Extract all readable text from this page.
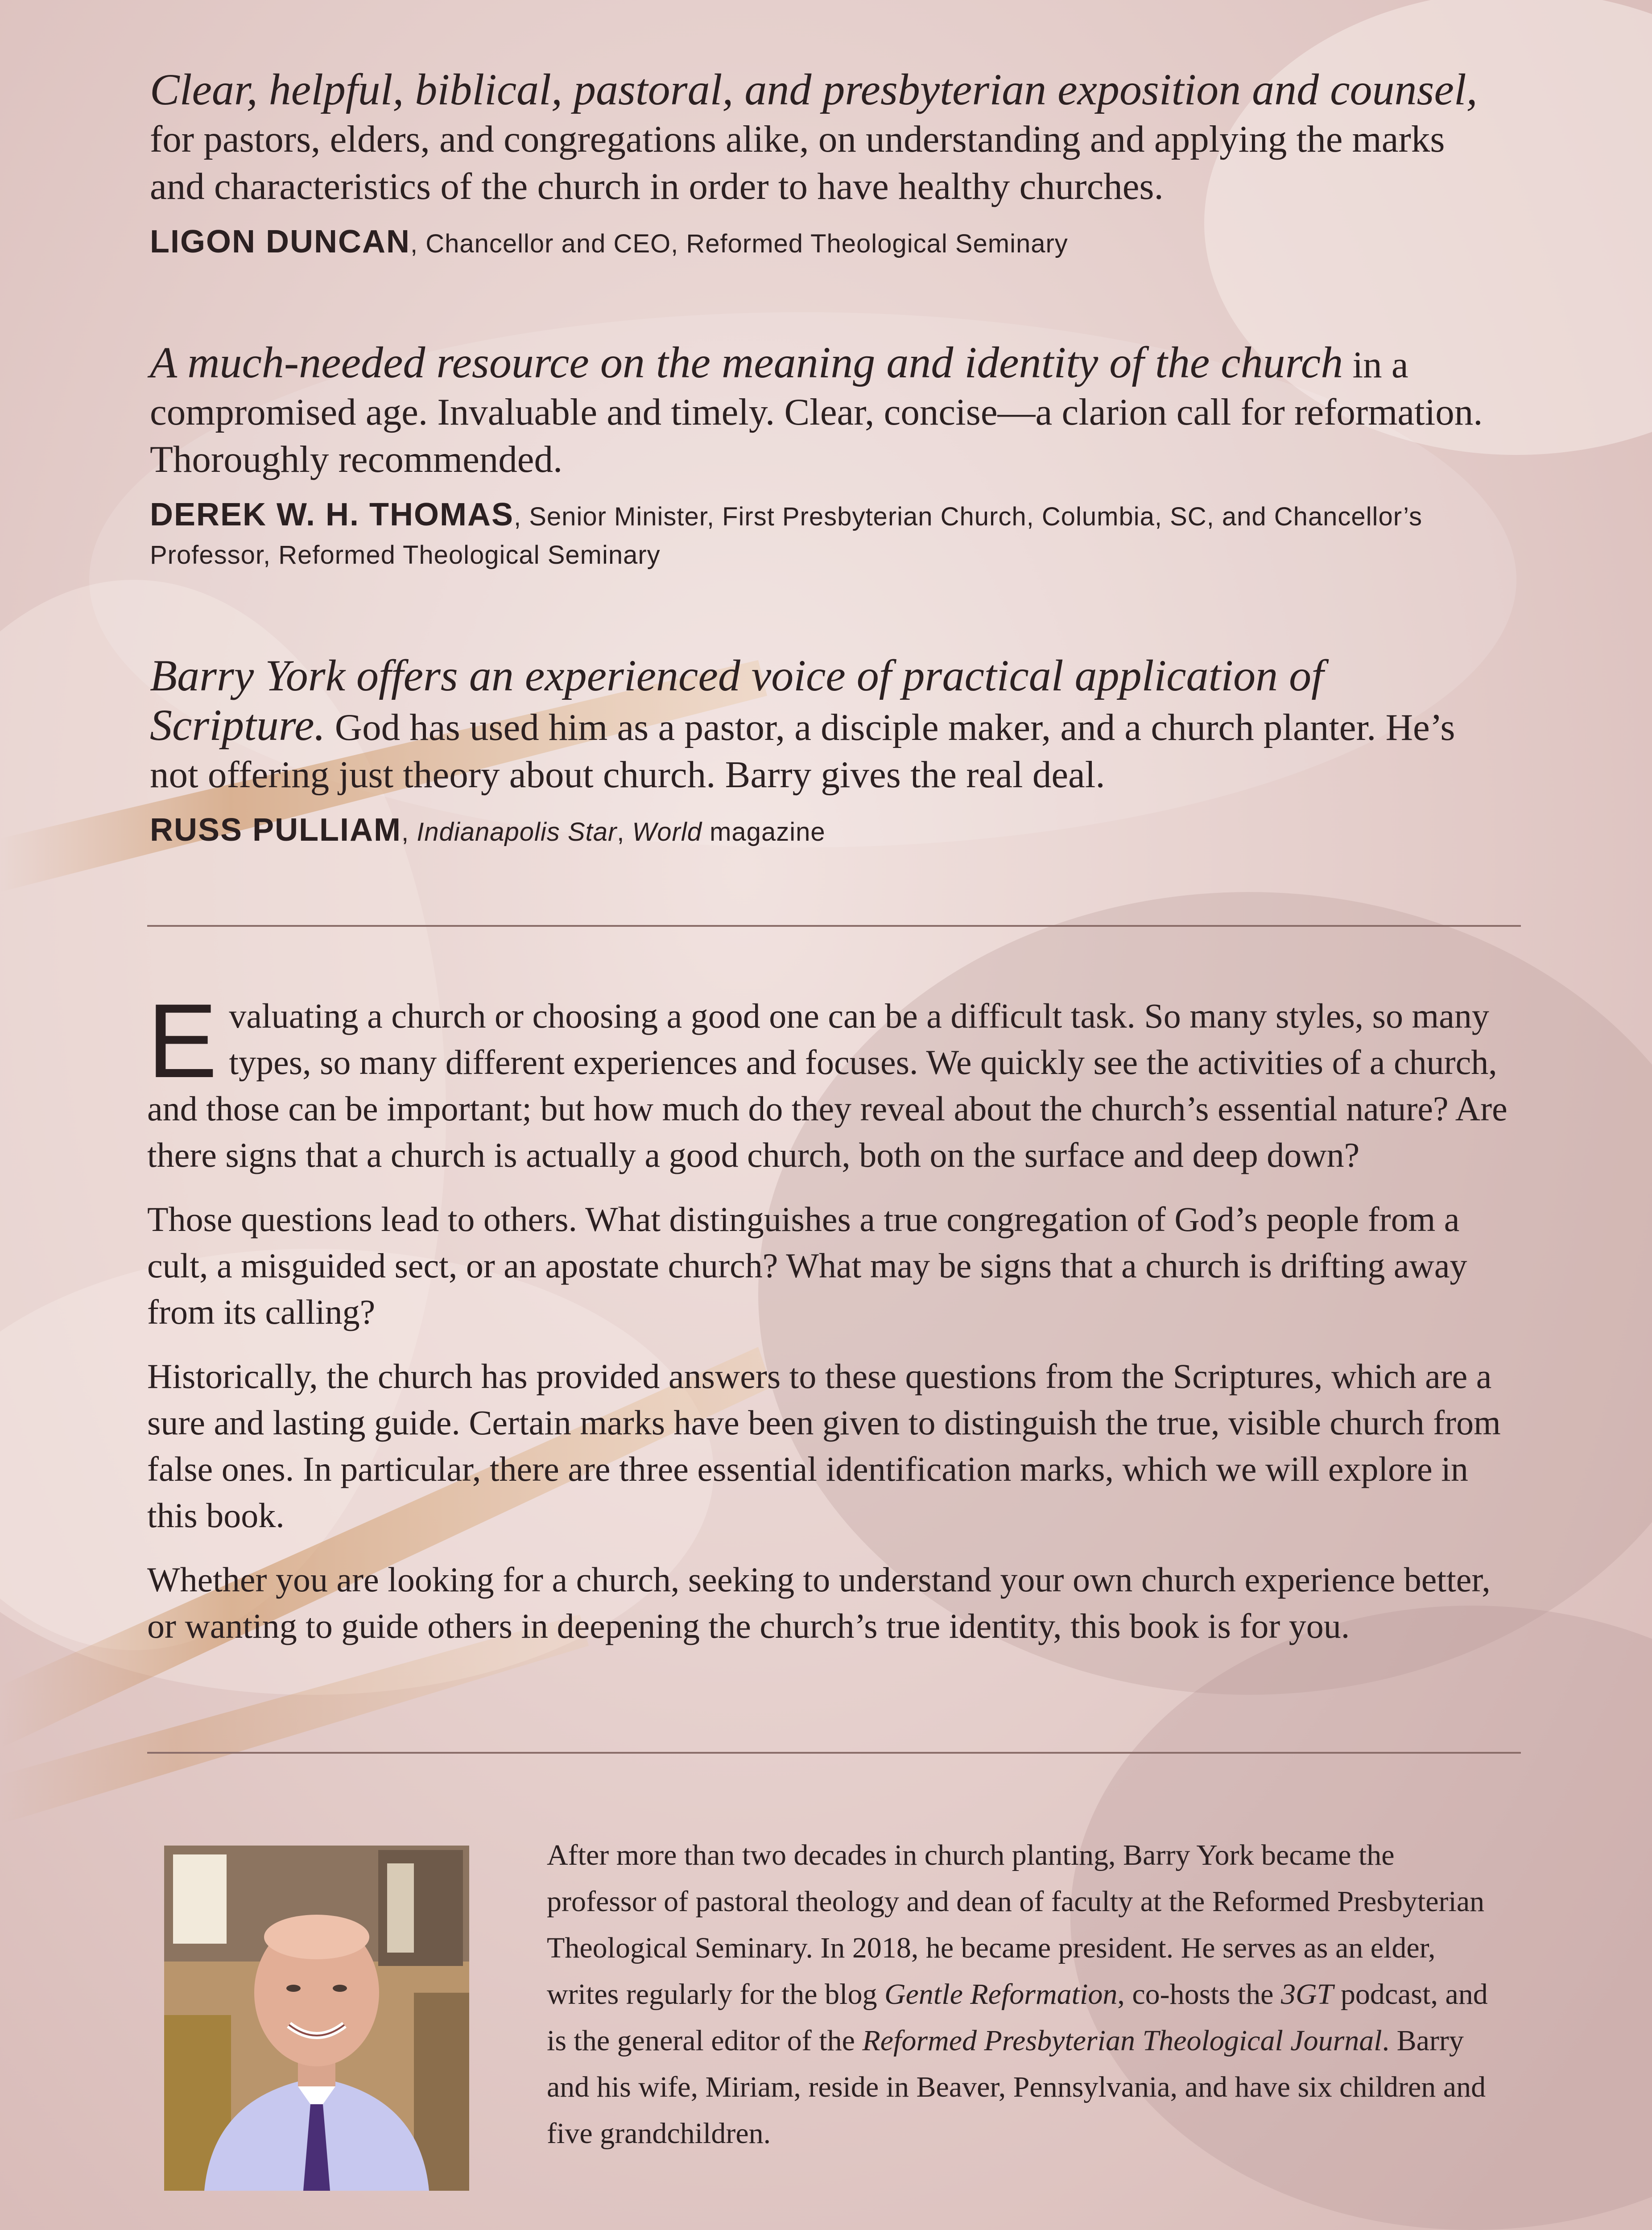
Clear, helpful, biblical, pastoral, and presbyterian exposition and counsel, for pastors, elders, and congregations alike, on understanding and applying the marks and characteristics of the church in order to have healthy churches.

LIGON DUNCAN, Chancellor and CEO, Reformed Theological Seminary

A much-needed resource on the meaning and identity of the church in a compromised age. Invaluable and timely. Clear, concise—a clarion call for reformation. Thoroughly recommended.

DEREK W. H. THOMAS, Senior Minister, First Presbyterian Church, Columbia, SC, and Chancellor’s Professor, Reformed Theological Seminary

Barry York offers an experienced voice of practical application of Scripture. God has used him as a pastor, a disciple maker, and a church planter. He’s not offering just theory about church. Barry gives the real deal.

RUSS PULLIAM, Indianapolis Star, World magazine

Evaluating a church or choosing a good one can be a difficult task. So many styles, so many types, so many different experiences and focuses. We quickly see the activities of a church, and those can be important; but how much do they reveal about the church’s essential nature? Are there signs that a church is actually a good church, both on the surface and deep down?

Those questions lead to others. What distinguishes a true congregation of God’s people from a cult, a misguided sect, or an apostate church? What may be signs that a church is drifting away from its calling?

Historically, the church has provided answers to these questions from the Scriptures, which are a sure and lasting guide. Certain marks have been given to distinguish the true, visible church from false ones. In particular, there are three essential identification marks, which we will explore in this book.

Whether you are looking for a church, seeking to understand your own church experience better, or wanting to guide others in deepening the church’s true identity, this book is for you.

After more than two decades in church planting, Barry York became the professor of pastoral theology and dean of faculty at the Reformed Presbyterian Theological Seminary. In 2018, he became president. He serves as an elder, writes regularly for the blog Gentle Reformation, co-hosts the 3GT podcast, and is the general editor of the Reformed Presbyterian Theological Journal. Barry and his wife, Miriam, reside in Beaver, Pennsylvania, and have six children and five grandchildren.
